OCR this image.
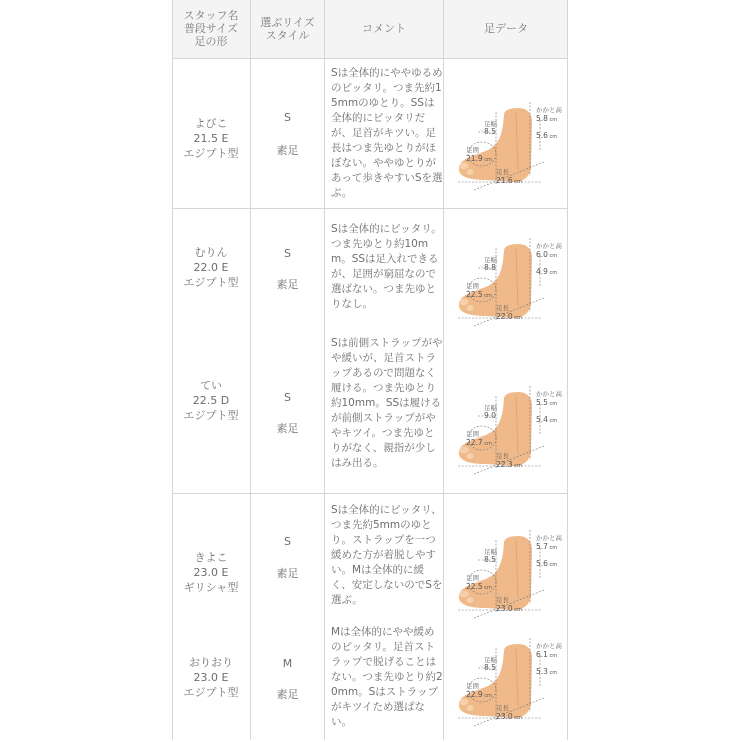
スタッフ名
普段サイズ
足の形
選ぶリイズ
スタイル
コメント	足データ
よびこ
21.5 E
エジプト型
S
素足
Sは全体的にややゆるめのピッタリ。つま先約15mmのゆとり。SSは全体的にピッタリだが、足首がキツい。足長はつま先ゆとりがほぼない。ややゆとりがあって歩きやすいSを選ぶ。
足幅
8.5
かかと高
5.8 cm
5.6 cm
足囲
21.9 cm
足長
21.6 cm
むりん
22.0 E
エジプト型
S
素足
Sは全体的にピッタリ。つま先ゆとり約10mm。SSは足入れできるが、足囲が窮屈なので選ばない。つま先ゆとりなし。
足幅
8.8
かかと高
6.0 cm
4.9 cm
足囲
22.5 cm
足長
22.0 cm
てい
22.5 D
エジプト型
S
素足
Sは前側ストラップがやや緩いが、足首ストラップあるので問題なく履ける。つま先ゆとり約10mm。SSは履けるが前側ストラップがややキツイ。つま先ゆとりがなく、親指が少しはみ出る。
足幅
9.0
かかと高
5.5 cm
5.4 cm
足囲
22.7 cm
足長
22.3 cm
きよこ
23.0 E
ギリシャ型
S
素足
Sは全体的にピッタリ、つま先約5mmのゆとり。ストラップを一つ緩めた方が着脱しやすい。Mは全体的に緩く、安定しないのでSを選ぶ。
足幅
8.5
かかと高
5.7 cm
5.6 cm
足囲
22.5 cm
足長
23.0 cm
おりおり
23.0 E
エジプト型
M
素足
Mは全体的にやや緩めのピッタリ。足首ストラップで脱げることはない。つま先ゆとり約20mm。Sはストラップがキツイため選ばない。
足幅
8.5
かかと高
6.1 cm
5.3 cm
足囲
22.9 cm
足長
23.0 cm
